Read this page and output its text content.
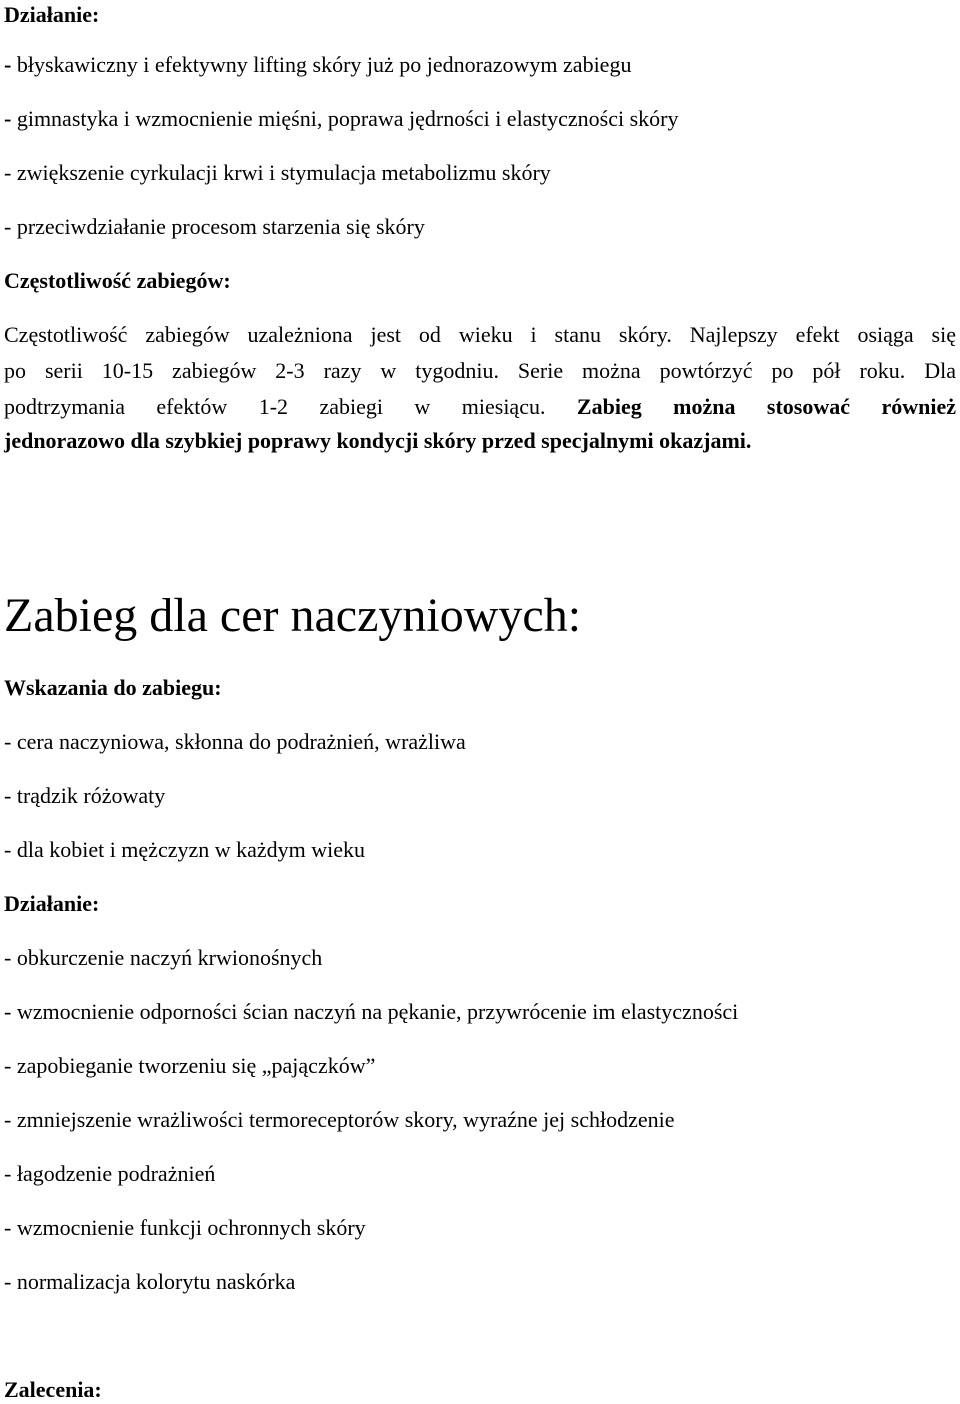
Działanie:
- błyskawiczny i efektywny lifting skóry już po jednorazowym zabiegu
- gimnastyka i wzmocnienie mięśni, poprawa jędrności i elastyczności skóry
- zwiększenie cyrkulacji krwi i stymulacja metabolizmu skóry
- przeciwdziałanie procesom starzenia się skóry
Częstotliwość zabiegów:
Częstotliwość zabiegów uzależniona jest od wieku i stanu skóry. Najlepszy efekt osiąga się
po serii 10-15 zabiegów 2-3 razy w tygodniu. Serie można powtórzyć po pół roku. Dla
podtrzymania efektów 1-2 zabiegi w miesiącu. Zabieg można stosować również
jednorazowo dla szybkiej poprawy kondycji skóry przed specjalnymi okazjami.
Zabieg dla cer naczyniowych:
Wskazania do zabiegu:
- cera naczyniowa, skłonna do podrażnień, wrażliwa
- trądzik różowaty
- dla kobiet i mężczyzn w każdym wieku
Działanie:
- obkurczenie naczyń krwionośnych
- wzmocnienie odporności ścian naczyń na pękanie, przywrócenie im elastyczności
- zapobieganie tworzeniu się „pajączków”
- zmniejszenie wrażliwości termoreceptorów skory, wyraźne jej schłodzenie
- łagodzenie podrażnień
- wzmocnienie funkcji ochronnych skóry
- normalizacja kolorytu naskórka
Zalecenia:
